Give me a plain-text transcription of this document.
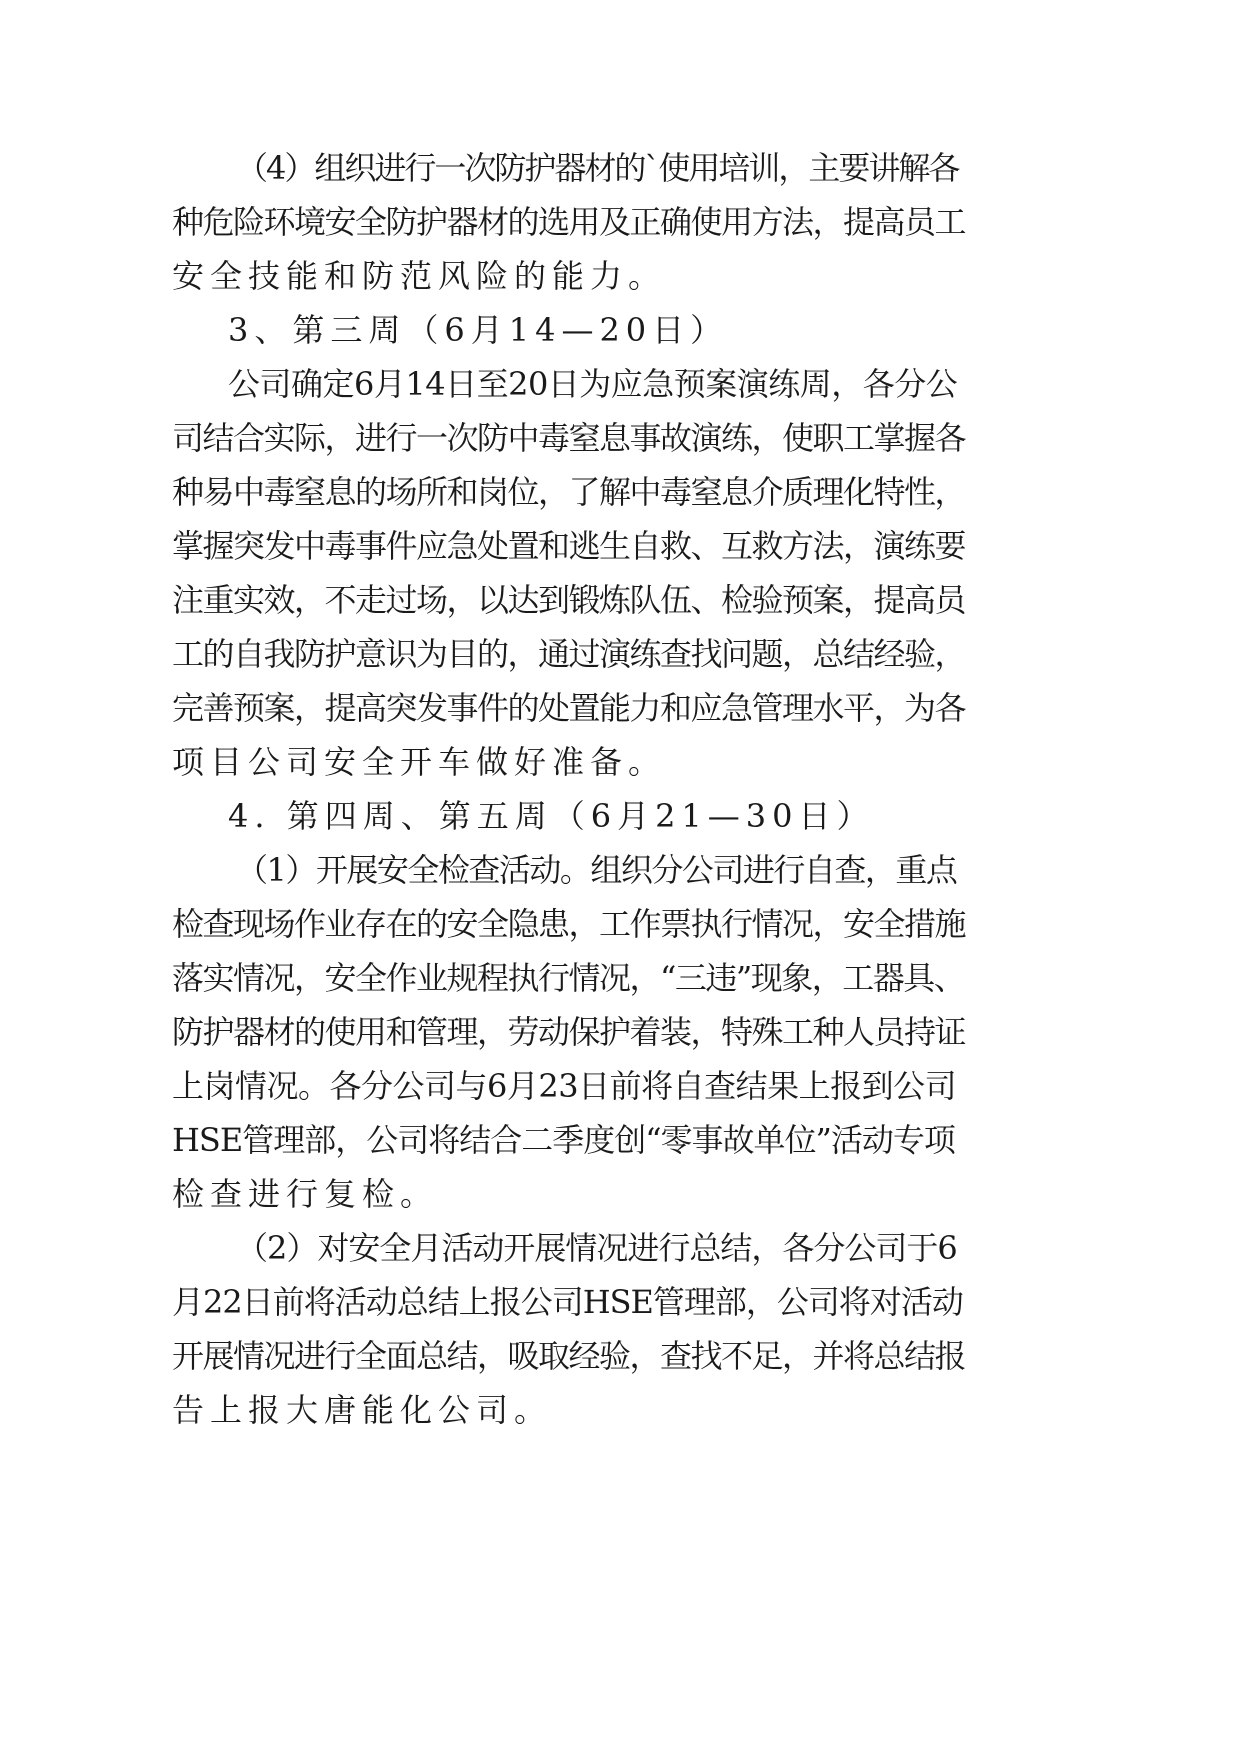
（4）组织进行一次防护器材的`使用培训，主要讲解各
种危险环境安全防护器材的选用及正确使用方法，提高员工
安全技能和防范风险的能力。
3、第三周（6月14—20日）
公司确定6月14日至20日为应急预案演练周，各分公
司结合实际，进行一次防中毒窒息事故演练，使职工掌握各
种易中毒窒息的场所和岗位，了解中毒窒息介质理化特性，
掌握突发中毒事件应急处置和逃生自救、互救方法，演练要
注重实效，不走过场，以达到锻炼队伍、检验预案，提高员
工的自我防护意识为目的，通过演练查找问题，总结经验，
完善预案，提高突发事件的处置能力和应急管理水平，为各
项目公司安全开车做好准备。
4. 第四周、第五周（6月21—30日）
（1）开展安全检查活动。组织分公司进行自查，重点
检查现场作业存在的安全隐患，工作票执行情况，安全措施
落实情况，安全作业规程执行情况，“三违”现象，工器具、
防护器材的使用和管理，劳动保护着装，特殊工种人员持证
上岗情况。各分公司与6月23日前将自查结果上报到公司
HSE管理部，公司将结合二季度创“零事故单位”活动专项
检查进行复检。
（2）对安全月活动开展情况进行总结，各分公司于6
月22日前将活动总结上报公司HSE管理部，公司将对活动
开展情况进行全面总结，吸取经验，查找不足，并将总结报
告上报大唐能化公司。
